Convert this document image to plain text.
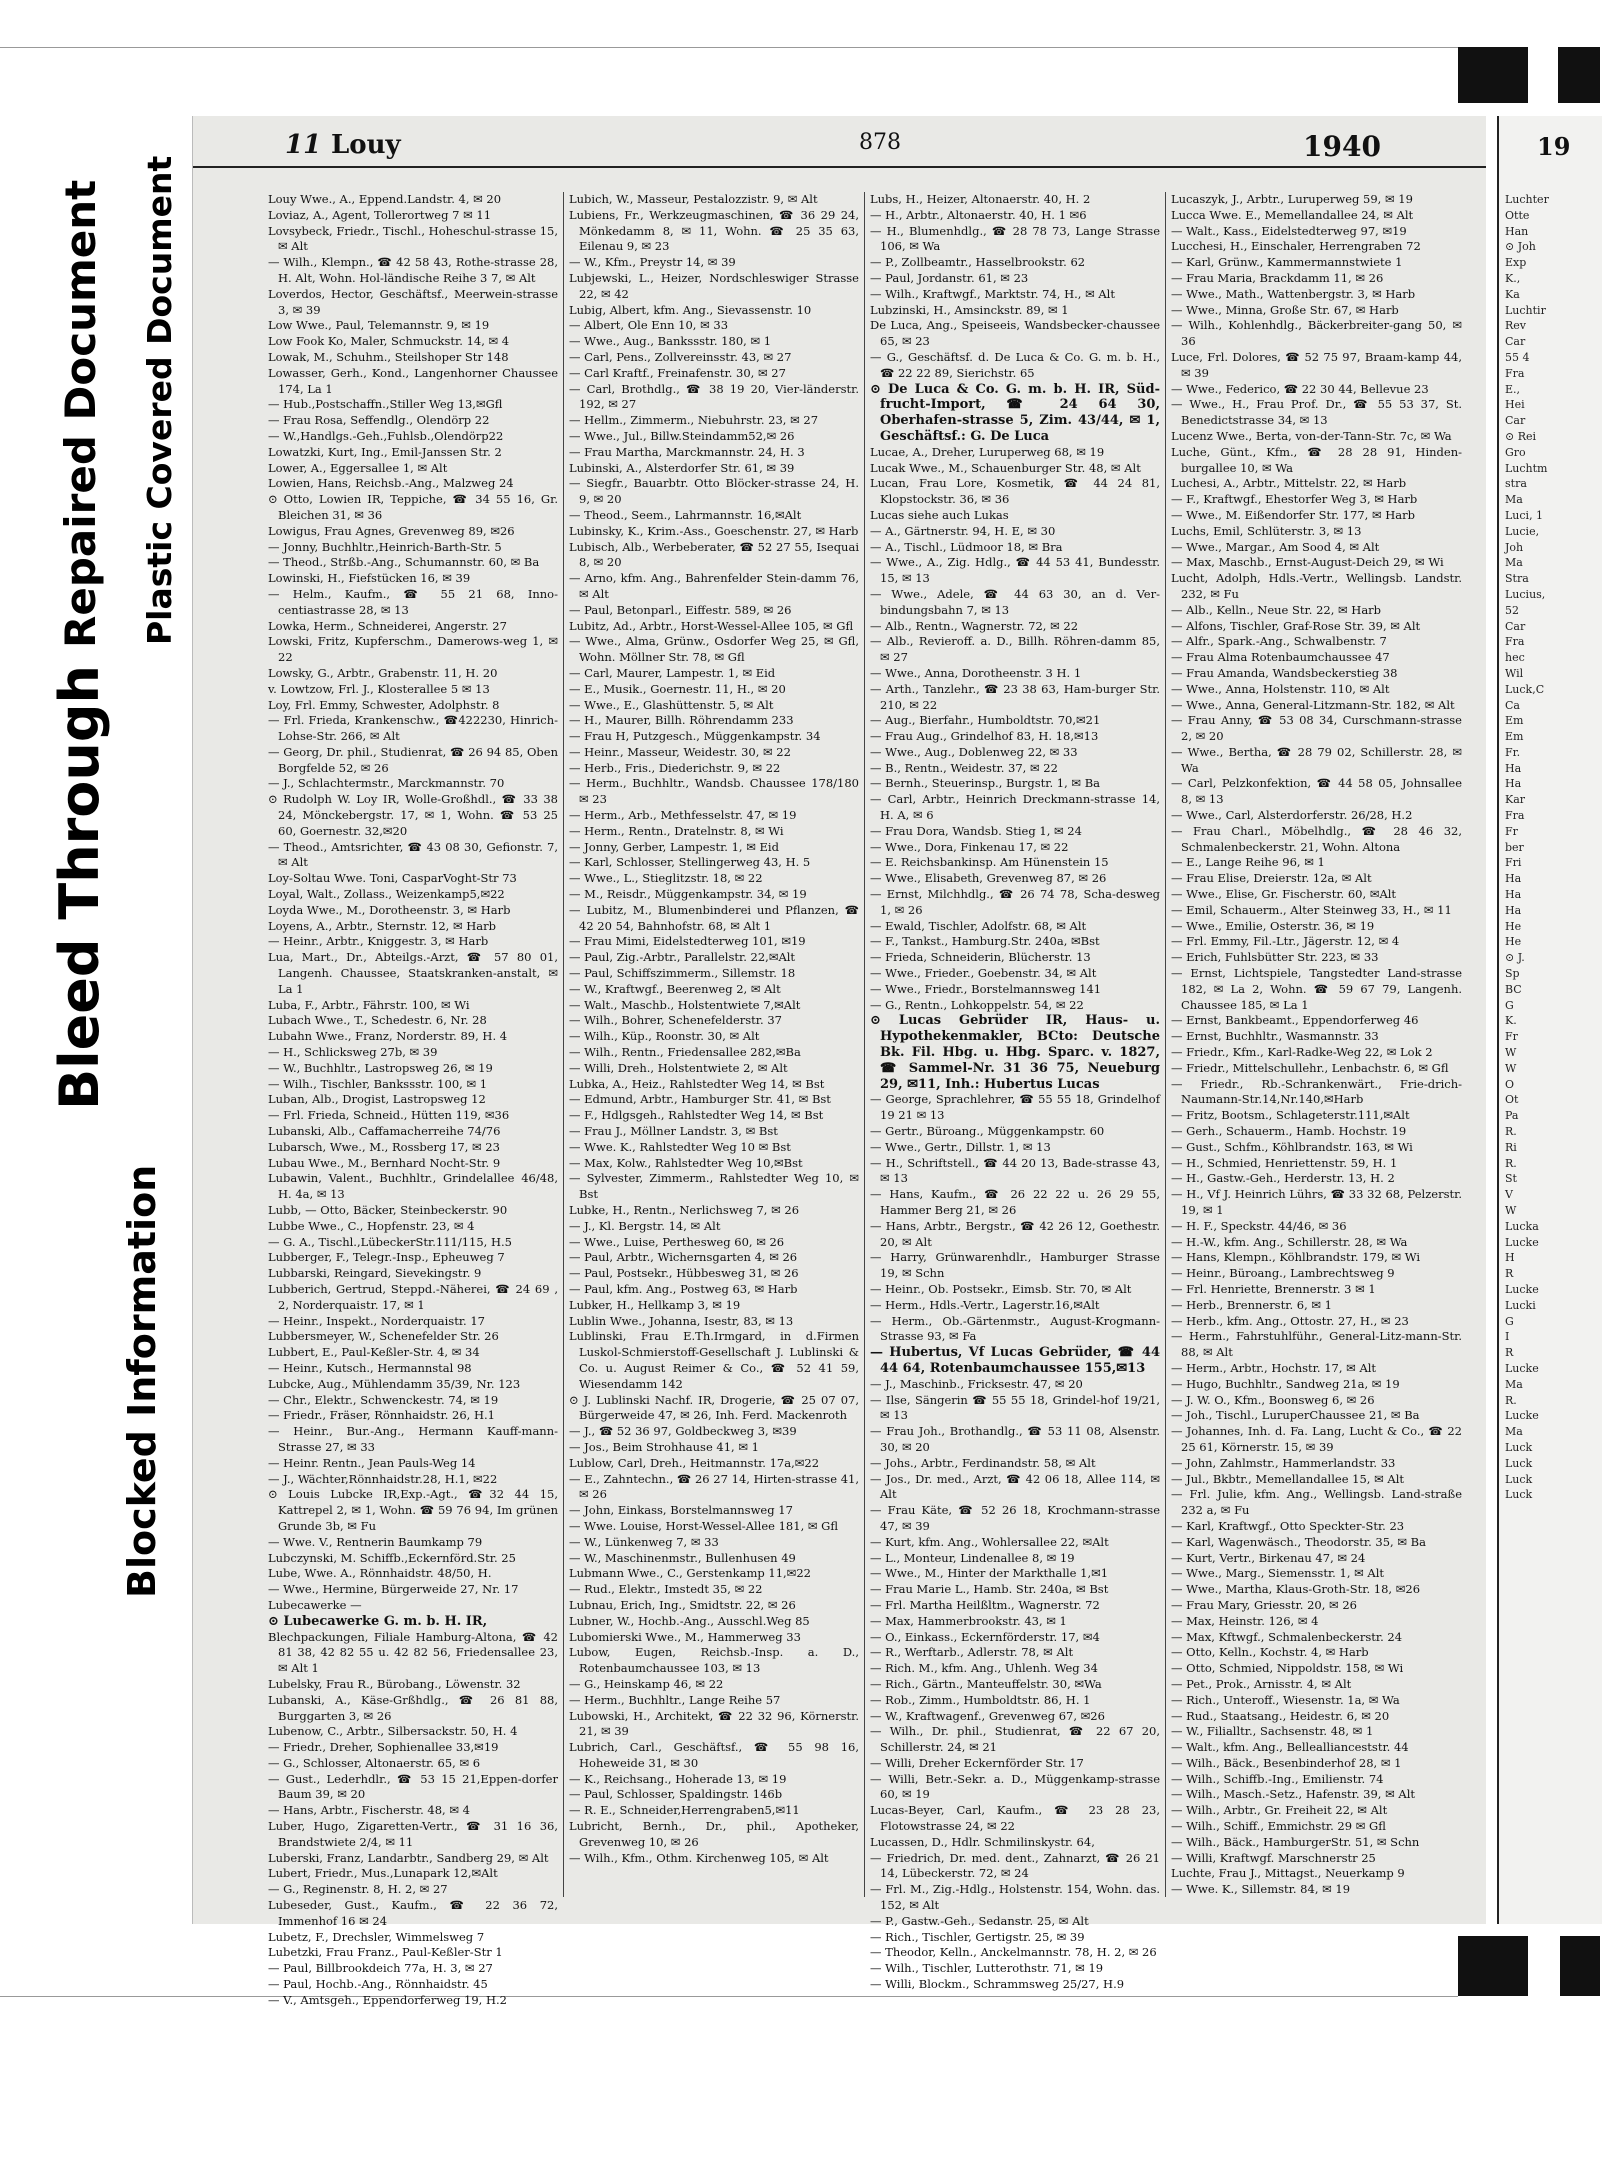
Bleed Through
Repaired Document Plastic Covered Document
Blocked Information
11 Louy	878	1940

Louy Wwe., A., Eppend.Landstr. 4, ✉ 20

Loviaz, A., Agent, Tollerortweg 7 ✉ 11

Lovsybeck, Friedr., Tischl., Hoheschul-strasse 15, ✉ Alt

— Wilh., Klempn., ☎ 42 58 43, Rothe-strasse 28, H. Alt, Wohn. Hol-ländische Reihe 3 7, ✉ Alt

Loverdos, Hector, Geschäftsf., Meerwein-strasse 3, ✉ 39

Low Wwe., Paul, Telemannstr. 9, ✉ 19

Low Fook Ko, Maler, Schmuckstr. 14, ✉ 4

Lowak, M., Schuhm., Steilshoper Str 148

Lowasser, Gerh., Kond., Langenhorner Chaussee 174, La 1

— Hub.,Postschaffn.,Stiller Weg 13,✉Gfl

— Frau Rosa, Seffendlg., Olendörp 22

— W.,Handlgs.-Geh.,Fuhlsb.,Olendörp22

Lowatzki, Kurt, Ing., Emil-Janssen Str. 2

Lower, A., Eggersallee 1, ✉ Alt

Lowien, Hans, Reichsb.-Ang., Malzweg 24

⊙ Otto, Lowien IR, Teppiche, ☎ 34 55 16, Gr. Bleichen 31, ✉ 36

Lowigus, Frau Agnes, Grevenweg 89, ✉26

— Jonny, Buchhltr.,Heinrich-Barth-Str. 5

— Theod., Strßb.-Ang., Schumannstr. 60, ✉ Ba

Lowinski, H., Fiefstücken 16, ✉ 39

— Helm., Kaufm., ☎ 55 21 68, Inno-centiastrasse 28, ✉ 13

Lowka, Herm., Schneiderei, Angerstr. 27

Lowski, Fritz, Kupferschm., Damerows-weg 1, ✉ 22

Lowsky, G., Arbtr., Grabenstr. 11, H. 20

v. Lowtzow, Frl. J., Klosterallee 5 ✉ 13

Loy, Frl. Emmy, Schwester, Adolphstr. 8

— Frl. Frieda, Krankenschw., ☎422230, Hinrich-Lohse-Str. 266, ✉ Alt

— Georg, Dr. phil., Studienrat, ☎ 26 94 85, Oben Borgfelde 52, ✉ 26

— J., Schlachtermstr., Marckmannstr. 70

⊙ Rudolph W. Loy IR, Wolle-Großhdl., ☎ 33 38 24, Mönckebergstr. 17, ✉ 1, Wohn. ☎ 53 25 60, Goernestr. 32,✉20

— Theod., Amtsrichter, ☎ 43 08 30, Gefionstr. 7, ✉ Alt

Loy-Soltau Wwe. Toni, CasparVoght-Str 73

Loyal, Walt., Zollass., Weizenkamp5,✉22

Loyda Wwe., M., Dorotheenstr. 3, ✉ Harb

Loyens, A., Arbtr., Sternstr. 12, ✉ Harb

— Heinr., Arbtr., Kniggestr. 3, ✉ Harb

Lua, Mart., Dr., Abteilgs.-Arzt, ☎ 57 80 01, Langenh. Chaussee, Staatskranken-anstalt, ✉ La 1

Luba, F., Arbtr., Fährstr. 100, ✉ Wi

Lubach Wwe., T., Schedestr. 6, Nr. 28

Lubahn Wwe., Franz, Norderstr. 89, H. 4

— H., Schlicksweg 27b, ✉ 39

— W., Buchhltr., Lastropsweg 26, ✉ 19

— Wilh., Tischler, Bankssstr. 100, ✉ 1

Luban, Alb., Drogist, Lastropsweg 12

— Frl. Frieda, Schneid., Hütten 119, ✉36

Lubanski, Alb., Caffamacherreihe 74/76

Lubarsch, Wwe., M., Rossberg 17, ✉ 23

Lubau Wwe., M., Bernhard Nocht-Str. 9

Lubawin, Valent., Buchhltr., Grindelallee 46/48, H. 4a, ✉ 13

Lubb, — Otto, Bäcker, Steinbeckerstr. 90

Lubbe Wwe., C., Hopfenstr. 23, ✉ 4

— G. A., Tischl.,LübeckerStr.111/115, H.5

Lubberger, F., Telegr.-Insp., Epheuweg 7

Lubbarski, Reingard, Sievekingstr. 9

Lubberich, Gertrud, Steppd.-Näherei, ☎ 24 69 , 2, Norderquaistr. 17, ✉ 1

— Heinr., Inspekt., Norderquaistr. 17

Lubbersmeyer, W., Schenefelder Str. 26

Lubbert, E., Paul-Keßler-Str. 4, ✉ 34

— Heinr., Kutsch., Hermannstal 98

Lubcke, Aug., Mühlendamm 35/39, Nr. 123

— Chr., Elektr., Schwenckestr. 74, ✉ 19

— Friedr., Fräser, Rönnhaidstr. 26, H.1

— Heinr., Bur.-Ang., Hermann Kauff-mann-Strasse 27, ✉ 33

— Heinr. Rentn., Jean Pauls-Weg 14

— J., Wächter,Rönnhaidstr.28, H.1, ✉22

⊙ Louis Lubcke IR,Exp.-Agt., ☎32 44 15, Kattrepel 2, ✉ 1, Wohn. ☎ 59 76 94, Im grünen Grunde 3b, ✉ Fu

— Wwe. V., Rentnerin Baumkamp 79

Lubczynski, M. Schiffb.,Eckernförd.Str. 25

Lube, Wwe. A., Rönnhaidstr. 48/50, H.

— Wwe., Hermine, Bürgerweide 27, Nr. 17

Lubecawerke —

⊙ Lubecawerke G. m. b. H. IR,

Blechpackungen, Filiale Hamburg-Altona, ☎ 42 81 38, 42 82 55 u. 42 82 56, Friedensallee 23, ✉ Alt 1

Lubelsky, Frau R., Bürobang., Löwenstr. 32

Lubanski, A., Käse-Grßhdlg., ☎ 26 81 88, Burggarten 3, ✉ 26

Lubenow, C., Arbtr., Silbersackstr. 50, H. 4

— Friedr., Dreher, Sophienallee 33,✉19

— G., Schlosser, Altonaerstr. 65, ✉ 6

— Gust., Lederhdlr., ☎ 53 15 21,Eppen-dorfer Baum 39, ✉ 20

— Hans, Arbtr., Fischerstr. 48, ✉ 4

Luber, Hugo, Zigaretten-Vertr., ☎ 31 16 36, Brandstwiete 2/4, ✉ 11

Luberski, Franz, Landarbtr., Sandberg 29, ✉ Alt

Lubert, Friedr., Mus.,Lunapark 12,✉Alt

— G., Reginenstr. 8, H. 2, ✉ 27

Lubeseder, Gust., Kaufm., ☎ 22 36 72, Immenhof 16 ✉ 24

Lubetz, F., Drechsler, Wimmelsweg 7

Lubetzki, Frau Franz., Paul-Keßler-Str 1

— Paul, Billbrookdeich 77a, H. 3, ✉ 27

— Paul, Hochb.-Ang., Rönnhaidstr. 45

— V., Amtsgeh., Eppendorferweg 19, H.2

Lubich, W., Masseur, Pestalozzistr. 9, ✉ Alt

Lubiens, Fr., Werkzeugmaschinen, ☎ 36 29 24, Mönkedamm 8, ✉ 11, Wohn. ☎ 25 35 63, Eilenau 9, ✉ 23

— W., Kfm., Preystr 14, ✉ 39

Lubjewski, L., Heizer, Nordschleswiger Strasse 22, ✉ 42

Lubig, Albert, kfm. Ang., Sievassenstr. 10

— Albert, Ole Enn 10, ✉ 33

— Wwe., Aug., Bankssstr. 180, ✉ 1

— Carl, Pens., Zollvereinsstr. 43, ✉ 27

— Carl Kraftf., Freinafenstr. 30, ✉ 27

— Carl, Brothdlg., ☎ 38 19 20, Vier-länderstr. 192, ✉ 27

— Hellm., Zimmerm., Niebuhrstr. 23, ✉ 27

— Wwe., Jul., Billw.Steindamm52,✉ 26

— Frau Martha, Marckmannstr. 24, H. 3

Lubinski, A., Alsterdorfer Str. 61, ✉ 39

— Siegfr., Bauarbtr. Otto Blöcker-strasse 24, H. 9, ✉ 20

— Theod., Seem., Lahrmannstr. 16,✉Alt

Lubinsky, K., Krim.-Ass., Goeschenstr. 27, ✉ Harb

Lubisch, Alb., Werbeberater, ☎ 52 27 55, Isequai 8, ✉ 20

— Arno, kfm. Ang., Bahrenfelder Stein-damm 76, ✉ Alt

— Paul, Betonparl., Eiffestr. 589, ✉ 26

Lubitz, Ad., Arbtr., Horst-Wessel-Allee 105, ✉ Gfl

— Wwe., Alma, Grünw., Osdorfer Weg 25, ✉ Gfl, Wohn. Möllner Str. 78, ✉ Gfl

— Carl, Maurer, Lampestr. 1, ✉ Eid

— E., Musik., Goernestr. 11, H., ✉ 20

— Wwe., E., Glashüttenstr. 5, ✉ Alt

— H., Maurer, Billh. Röhrendamm 233

— Frau H, Putzgesch., Müggenkampstr. 34

— Heinr., Masseur, Weidestr. 30, ✉ 22

— Herb., Fris., Diederichstr. 9, ✉ 22

— Herm., Buchhltr., Wandsb. Chaussee 178/180 ✉ 23

— Herm., Arb., Methfesselstr. 47, ✉ 19

— Herm., Rentn., Dratelnstr. 8, ✉ Wi

— Jonny, Gerber, Lampestr. 1, ✉ Eid

— Karl, Schlosser, Stellingerweg 43, H. 5

— Wwe., L., Stieglitzstr. 18, ✉ 22

— M., Reisdr., Müggenkampstr. 34, ✉ 19

— Lubitz, M., Blumenbinderei und Pflanzen, ☎ 42 20 54, Bahnhofstr. 68, ✉ Alt 1

— Frau Mimi, Eidelstedterweg 101, ✉19

— Paul, Zig.-Arbtr., Parallelstr. 22,✉Alt

— Paul, Schiffszimmerm., Sillemstr. 18

— W., Kraftwgf., Beerenweg 2, ✉ Alt

— Walt., Maschb., Holstentwiete 7,✉Alt

— Wilh., Bohrer, Schenefelderstr. 37

— Wilh., Küp., Roonstr. 30, ✉ Alt

— Wilh., Rentn., Friedensallee 282,✉Ba

— Willi, Dreh., Holstentwiete 2, ✉ Alt

Lubka, A., Heiz., Rahlstedter Weg 14, ✉ Bst

— Edmund, Arbtr., Hamburger Str. 41, ✉ Bst

— F., Hdlgsgeh., Rahlstedter Weg 14, ✉ Bst

— Frau J., Möllner Landstr. 3, ✉ Bst

— Wwe. K., Rahlstedter Weg 10 ✉ Bst

— Max, Kolw., Rahlstedter Weg 10,✉Bst

— Sylvester, Zimmerm., Rahlstedter Weg 10, ✉ Bst

Lubke, H., Rentn., Nerlichsweg 7, ✉ 26

— J., Kl. Bergstr. 14, ✉ Alt

— Wwe., Luise, Perthesweg 60, ✉ 26

— Paul, Arbtr., Wichernsgarten 4, ✉ 26

— Paul, Postsekr., Hübbesweg 31, ✉ 26

— Paul, kfm. Ang., Postweg 63, ✉ Harb

Lubker, H., Hellkamp 3, ✉ 19

Lublin Wwe., Johanna, Isestr, 83, ✉ 13

Lublinski, Frau E.Th.Irmgard, in d.Firmen Luskol-Schmierstoff-Gesellschaft J. Lublinski & Co. u. August Reimer & Co., ☎ 52 41 59, Wiesendamm 142

⊙ J. Lublinski Nachf. IR, Drogerie, ☎ 25 07 07, Bürgerweide 47, ✉ 26, Inh. Ferd. Mackenroth

— J., ☎ 52 36 97, Goldbeckweg 3, ✉39

— Jos., Beim Strohhause 41, ✉ 1

Lublow, Carl, Dreh., Heitmannstr. 17a,✉22

— E., Zahntechn., ☎ 26 27 14, Hirten-strasse 41, ✉ 26

— John, Einkass, Borstelmannsweg 17

— Wwe. Louise, Horst-Wessel-Allee 181, ✉ Gfl

— W., Lünkenweg 7, ✉ 33

— W., Maschinenmstr., Bullenhusen 49

Lubmann Wwe., C., Gerstenkamp 11,✉22

— Rud., Elektr., Imstedt 35, ✉ 22

Lubnau, Erich, Ing., Smidtstr. 22, ✉ 26

Lubner, W., Hochb.-Ang., Ausschl.Weg 85

Lubomierski Wwe., M., Hammerweg 33

Lubow, Eugen, Reichsb.-Insp. a. D., Rotenbaumchaussee 103, ✉ 13

— G., Heinskamp 46, ✉ 22

— Herm., Buchhltr., Lange Reihe 57

Lubowski, H., Architekt, ☎ 22 32 96, Körnerstr. 21, ✉ 39

Lubrich, Carl., Geschäftsf., ☎ 55 98 16, Hoheweide 31, ✉ 30

— K., Reichsang., Hoherade 13, ✉ 19

— Paul, Schlosser, Spaldingstr. 146b

— R. E., Schneider,Herrengraben5,✉11

Lubricht, Bernh., Dr., phil., Apotheker, Grevenweg 10, ✉ 26

— Wilh., Kfm., Othm. Kirchenweg 105, ✉ Alt

Lubs, H., Heizer, Altonaerstr. 40, H. 2

— H., Arbtr., Altonaerstr. 40, H. 1 ✉6

— H., Blumenhdlg., ☎ 28 78 73, Lange Strasse 106, ✉ Wa

— P., Zollbeamtr., Hasselbrookstr. 62

— Paul, Jordanstr. 61, ✉ 23

— Wilh., Kraftwgf., Marktstr. 74, H., ✉ Alt

Lubzinski, H., Amsinckstr. 89, ✉ 1

De Luca, Ang., Speiseeis, Wandsbecker-chaussee 65, ✉ 23

— G., Geschäftsf. d. De Luca & Co. G. m. b. H., ☎ 22 22 89, Sierichstr. 65

⊙ De Luca & Co. G. m. b. H. IR, Süd-frucht-Import, ☎ 24 64 30, Oberhafen-strasse 5, Zim. 43/44, ✉ 1, Geschäftsf.: G. De Luca

Lucae, A., Dreher, Luruperweg 68, ✉ 19

Lucak Wwe., M., Schauenburger Str. 48, ✉ Alt

Lucan, Frau Lore, Kosmetik, ☎ 44 24 81, Klopstockstr. 36, ✉ 36

Lucas siehe auch Lukas

— A., Gärtnerstr. 94, H. E, ✉ 30

— A., Tischl., Lüdmoor 18, ✉ Bra

— Wwe., A., Zig. Hdlg., ☎ 44 53 41, Bundesstr. 15, ✉ 13

— Wwe., Adele, ☎ 44 63 30, an d. Ver-bindungsbahn 7, ✉ 13

— Alb., Rentn., Wagnerstr. 72, ✉ 22

— Alb., Revieroff. a. D., Billh. Röhren-damm 85, ✉ 27

— Wwe., Anna, Dorotheenstr. 3 H. 1

— Arth., Tanzlehr., ☎ 23 38 63, Ham-burger Str. 210, ✉ 22

— Aug., Bierfahr., Humboldtstr. 70,✉21

— Frau Aug., Grindelhof 83, H. 18,✉13

— Wwe., Aug., Doblenweg 22, ✉ 33

— B., Rentn., Weidestr. 37, ✉ 22

— Bernh., Steuerinsp., Burgstr. 1, ✉ Ba

— Carl, Arbtr., Heinrich Dreckmann-strasse 14, H. A, ✉ 6

— Frau Dora, Wandsb. Stieg 1, ✉ 24

— Wwe., Dora, Finkenau 17, ✉ 22

— E. Reichsbankinsp. Am Hünenstein 15

— Wwe., Elisabeth, Grevenweg 87, ✉ 26

— Ernst, Milchhdlg., ☎ 26 74 78, Scha-desweg 1, ✉ 26

— Ewald, Tischler, Adolfstr. 68, ✉ Alt

— F., Tankst., Hamburg.Str. 240a, ✉Bst

— Frieda, Schneiderin, Blücherstr. 13

— Wwe., Frieder., Goebenstr. 34, ✉ Alt

— Wwe., Friedr., Borstelmannsweg 141

— G., Rentn., Lohkoppelstr. 54, ✉ 22

⊙ Lucas Gebrüder IR, Haus- u. Hypothekenmakler, BCto: Deutsche Bk. Fil. Hbg. u. Hbg. Sparc. v. 1827, ☎ Sammel-Nr. 31 36 75, Neueburg 29, ✉11, Inh.: Hubertus Lucas

— George, Sprachlehrer, ☎ 55 55 18, Grindelhof 19 21 ✉ 13

— Gertr., Büroang., Müggenkampstr. 60

— Wwe., Gertr., Dillstr. 1, ✉ 13

— H., Schriftstell., ☎ 44 20 13, Bade-strasse 43, ✉ 13

— Hans, Kaufm., ☎ 26 22 22 u. 26 29 55, Hammer Berg 21, ✉ 26

— Hans, Arbtr., Bergstr., ☎ 42 26 12, Goethestr. 20, ✉ Alt

— Harry, Grünwarenhdlr., Hamburger Strasse 19, ✉ Schn

— Heinr., Ob. Postsekr., Eimsb. Str. 70, ✉ Alt

— Herm., Hdls.-Vertr., Lagerstr.16,✉Alt

— Herm., Ob.-Gärtenmstr., August-Krogmann-Strasse 93, ✉ Fa

— Hubertus, Vf Lucas Gebrüder, ☎ 44 44 64, Rotenbaumchaussee 155,✉13

— J., Maschinb., Fricksestr. 47, ✉ 20

— Ilse, Sängerin ☎ 55 55 18, Grindel-hof 19/21, ✉ 13

— Frau Joh., Brothandlg., ☎ 53 11 08, Alsenstr. 30, ✉ 20

— Johs., Arbtr., Ferdinandstr. 58, ✉ Alt

— Jos., Dr. med., Arzt, ☎ 42 06 18, Allee 114, ✉ Alt

— Frau Käte, ☎ 52 26 18, Krochmann-strasse 47, ✉ 39

— Kurt, kfm. Ang., Wohlersallee 22, ✉Alt

— L., Monteur, Lindenallee 8, ✉ 19

— Wwe., M., Hinter der Markthalle 1,✉1

— Frau Marie L., Hamb. Str. 240a, ✉ Bst

— Frl. Martha Heilßltm., Wagnerstr. 72

— Max, Hammerbrookstr. 43, ✉ 1

— O., Einkass., Eckernförderstr. 17, ✉4

— R., Werftarb., Adlerstr. 78, ✉ Alt

— Rich. M., kfm. Ang., Uhlenh. Weg 34

— Rich., Gärtn., Manteuffelstr. 30, ✉Wa

— Rob., Zimm., Humboldtstr. 86, H. 1

— W., Kraftwagenf., Grevenweg 67, ✉26

— Wilh., Dr. phil., Studienrat, ☎ 22 67 20, Schillerstr. 24, ✉ 21

— Willi, Dreher Eckernförder Str. 17

— Willi, Betr.-Sekr. a. D., Müggenkamp-strasse 60, ✉ 19

Lucas-Beyer, Carl, Kaufm., ☎ 23 28 23, Flotowstrasse 24, ✉ 22

Lucassen, D., Hdlr. Schmilinskystr. 64,

— Friedrich, Dr. med. dent., Zahnarzt, ☎ 26 21 14, Lübeckerstr. 72, ✉ 24

— Frl. M., Zig.-Hdlg., Holstenstr. 154, Wohn. das. 152, ✉ Alt

— P., Gastw.-Geh., Sedanstr. 25, ✉ Alt

— Rich., Tischler, Gertigstr. 25, ✉ 39

— Theodor, Kelln., Anckelmannstr. 78, H. 2, ✉ 26

— Wilh., Tischler, Lutterothstr. 71, ✉ 19

— Willi, Blockm., Schrammsweg 25/27, H.9

Lucaszyk, J., Arbtr., Luruperweg 59, ✉ 19

Lucca Wwe. E., Memellandallee 24, ✉ Alt

— Walt., Kass., Eidelstedterweg 97, ✉19

Lucchesi, H., Einschaler, Herrengraben 72

— Karl, Grünw., Kammermannstwiete 1

— Frau Maria, Brackdamm 11, ✉ 26

— Wwe., Math., Wattenbergstr. 3, ✉ Harb

— Wwe., Minna, Große Str. 67, ✉ Harb

— Wilh., Kohlenhdlg., Bäckerbreiter-gang 50, ✉ 36

Luce, Frl. Dolores, ☎ 52 75 97, Braam-kamp 44, ✉ 39

— Wwe., Federico, ☎ 22 30 44, Bellevue 23

— Wwe., H., Frau Prof. Dr., ☎ 55 53 37, St. Benedictstrasse 34, ✉ 13

Lucenz Wwe., Berta, von-der-Tann-Str. 7c, ✉ Wa

Luche, Günt., Kfm., ☎ 28 28 91, Hinden-burgallee 10, ✉ Wa

Luchesi, A., Arbtr., Mittelstr. 22, ✉ Harb

— F., Kraftwgf., Ehestorfer Weg 3, ✉ Harb

— Wwe., M. Eißendorfer Str. 177, ✉ Harb

Luchs, Emil, Schlüterstr. 3, ✉ 13

— Wwe., Margar., Am Sood 4, ✉ Alt

— Max, Maschb., Ernst-August-Deich 29, ✉ Wi

Lucht, Adolph, Hdls.-Vertr., Wellingsb. Landstr. 232, ✉ Fu

— Alb., Kelln., Neue Str. 22, ✉ Harb

— Alfons, Tischler, Graf-Rose Str. 39, ✉ Alt

— Alfr., Spark.-Ang., Schwalbenstr. 7

— Frau Alma Rotenbaumchaussee 47

— Frau Amanda, Wandsbeckerstieg 38

— Wwe., Anna, Holstenstr. 110, ✉ Alt

— Wwe., Anna, General-Litzmann-Str. 182, ✉ Alt

— Frau Anny, ☎ 53 08 34, Curschmann-strasse 2, ✉ 20

— Wwe., Bertha, ☎ 28 79 02, Schillerstr. 28, ✉ Wa

— Carl, Pelzkonfektion, ☎ 44 58 05, Johnsallee 8, ✉ 13

— Wwe., Carl, Alsterdorferstr. 26/28, H.2

— Frau Charl., Möbelhdlg., ☎ 28 46 32, Schmalenbeckerstr. 21, Wohn. Altona

— E., Lange Reihe 96, ✉ 1

— Frau Elise, Dreierstr. 12a, ✉ Alt

— Wwe., Elise, Gr. Fischerstr. 60, ✉Alt

— Emil, Schauerm., Alter Steinweg 33, H., ✉ 11

— Wwe., Emilie, Osterstr. 36, ✉ 19

— Frl. Emmy, Fil.-Ltr., Jägerstr. 12, ✉ 4

— Erich, Fuhlsbütter Str. 223, ✉ 33

— Ernst, Lichtspiele, Tangstedter Land-strasse 182, ✉ La 2, Wohn. ☎ 59 67 79, Langenh. Chaussee 185, ✉ La 1

— Ernst, Bankbeamt., Eppendorferweg 46

— Ernst, Buchhltr., Wasmannstr. 33

— Friedr., Kfm., Karl-Radke-Weg 22, ✉ Lok 2

— Friedr., Mittelschullehr., Lenbachstr. 6, ✉ Gfl

— Friedr., Rb.-Schrankenwärt., Frie-drich-Naumann-Str.14,Nr.140,✉Harb

— Fritz, Bootsm., Schlageterstr.111,✉Alt

— Gerh., Schauerm., Hamb. Hochstr. 19

— Gust., Schfm., Köhlbrandstr. 163, ✉ Wi

— H., Schmied, Henriettenstr. 59, H. 1

— H., Gastw.-Geh., Herderstr. 13, H. 2

— H., Vf J. Heinrich Lührs, ☎ 33 32 68, Pelzerstr. 19, ✉ 1

— H. F., Speckstr. 44/46, ✉ 36

— H.-W., kfm. Ang., Schillerstr. 28, ✉ Wa

— Hans, Klempn., Köhlbrandstr. 179, ✉ Wi

— Heinr., Büroang., Lambrechtsweg 9

— Frl. Henriette, Brennerstr. 3 ✉ 1

— Herb., Brennerstr. 6, ✉ 1

— Herb., kfm. Ang., Ottostr. 27, H., ✉ 23

— Herm., Fahrstuhlführ., General-Litz-mann-Str. 88, ✉ Alt

— Herm., Arbtr., Hochstr. 17, ✉ Alt

— Hugo, Buchhltr., Sandweg 21a, ✉ 19

— J. W. O., Kfm., Boonsweg 6, ✉ 26

— Joh., Tischl., LuruperChaussee 21, ✉ Ba

— Johannes, Inh. d. Fa. Lang, Lucht & Co., ☎ 22 25 61, Körnerstr. 15, ✉ 39

— John, Zahlmstr., Hammerlandstr. 33

— Jul., Bkbtr., Memellandallee 15, ✉ Alt

— Frl. Julie, kfm. Ang., Wellingsb. Land-straße 232 a, ✉ Fu

— Karl, Kraftwgf., Otto Speckter-Str. 23

— Karl, Wagenwäsch., Theodorstr. 35, ✉ Ba

— Kurt, Vertr., Birkenau 47, ✉ 24

— Wwe., Marg., Siemensstr. 1, ✉ Alt

— Wwe., Martha, Klaus-Groth-Str. 18, ✉26

— Frau Mary, Griesstr. 20, ✉ 26

— Max, Heinstr. 126, ✉ 4

— Max, Kftwgf., Schmalenbeckerstr. 24

— Otto, Kelln., Kochstr. 4, ✉ Harb

— Otto, Schmied, Nippoldstr. 158, ✉ Wi

— Pet., Prok., Arnisstr. 4, ✉ Alt

— Rich., Unteroff., Wiesenstr. 1a, ✉ Wa

— Rud., Staatsang., Heidestr. 6, ✉ 20

— W., Filialltr., Sachsenstr. 48, ✉ 1

— Walt., kfm. Ang., Belleallianceststr. 44

— Wilh., Bäck., Besenbinderhof 28, ✉ 1

— Wilh., Schiffb.-Ing., Emilienstr. 74

— Wilh., Masch.-Setz., Hafenstr. 39, ✉ Alt

— Wilh., Arbtr., Gr. Freiheit 22, ✉ Alt

— Wilh., Schiff., Emmichstr. 29 ✉ Gfl

— Wilh., Bäck., HamburgerStr. 51, ✉ Schn

— Willi, Kraftwgf. Marschnerstr 25

Luchte, Frau J., Mittagst., Neuerkamp 9

— Wwe. K., Sillemstr. 84, ✉ 19

19
Luchter
Otte
Han
⊙ Joh
Exp
K.,
Ka
Luchtir
Rev
Car
55 4
Fra
E.,
Hei
Car
⊙ Rei
Gro
Luchtm
stra
Ma
Luci, 1
Lucie,
Joh
Ma
Stra
Lucius,
52
Car
Fra
hec
Wil
Luck,C
Ca
Em
Em
Fr.
Ha
Ha
Kar
Fra
Fr
ber
Fri
Ha
Ha
Ha
He
He
⊙ J.
Sp
BC
G
K.
Fr
W
W
O
Ot
Pa
R.
Ri
R.
St
V
W
Lucka
Lucke
H
R
Lucke
Lucki
G
I
R
Lucke
Ma
R.
Lucke
Ma
Luck
Luck
Luck
Luck
